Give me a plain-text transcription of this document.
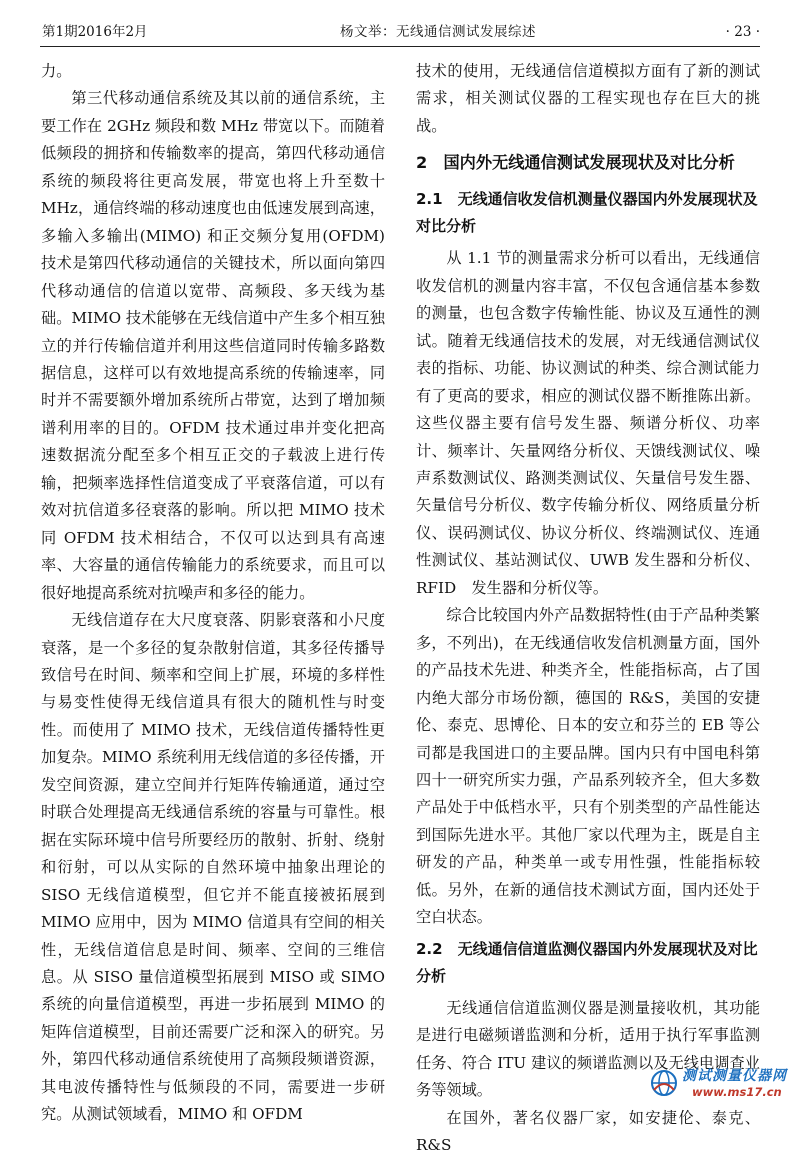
第1期2016年2月	杨文举：无线通信测试发展综述	· 23 ·

力。

第三代移动通信系统及其以前的通信系统，主要工作在 2GHz 频段和数 MHz 带宽以下。而随着低频段的拥挤和传输数率的提高，第四代移动通信系统的频段将往更高发展，带宽也将上升至数十 MHz，通信终端的移动速度也由低速发展到高速，多输入多输出(MIMO) 和正交频分复用(OFDM) 技术是第四代移动通信的关键技术，所以面向第四代移动通信的信道以宽带、高频段、多天线为基础。MIMO 技术能够在无线信道中产生多个相互独立的并行传输信道并利用这些信道同时传输多路数据信息，这样可以有效地提高系统的传输速率，同时并不需要额外增加系统所占带宽，达到了增加频谱利用率的目的。OFDM 技术通过串并变化把高速数据流分配至多个相互正交的子载波上进行传输，把频率选择性信道变成了平衰落信道，可以有效对抗信道多径衰落的影响。所以把 MIMO 技术同 OFDM 技术相结合，不仅可以达到具有高速率、大容量的通信传输能力的系统要求，而且可以很好地提高系统对抗噪声和多径的能力。

无线信道存在大尺度衰落、阴影衰落和小尺度衰落，是一个多径的复杂散射信道，其多径传播导致信号在时间、频率和空间上扩展，环境的多样性与易变性使得无线信道具有很大的随机性与时变性。而使用了 MIMO 技术，无线信道传播特性更加复杂。MIMO 系统利用无线信道的多径传播，开发空间资源，建立空间并行矩阵传输通道，通过空时联合处理提高无线通信系统的容量与可靠性。根据在实际环境中信号所要经历的散射、折射、绕射和衍射，可以从实际的自然环境中抽象出理论的 SISO 无线信道模型，但它并不能直接被拓展到 MIMO 应用中，因为 MIMO 信道具有空间的相关性，无线信道信息是时间、频率、空间的三维信息。从 SISO 量信道模型拓展到 MISO 或 SIMO 系统的向量信道模型，再进一步拓展到 MIMO 的矩阵信道模型，目前还需要广泛和深入的研究。另外，第四代移动通信系统使用了高频段频谱资源，其电波传播特性与低频段的不同，需要进一步研究。从测试领域看，MIMO 和 OFDM

技术的使用，无线通信信道模拟方面有了新的测试需求，相关测试仪器的工程实现也存在巨大的挑战。

2　国内外无线通信测试发展现状及对比分析
2.1　无线通信收发信机测量仪器国内外发展现状及对比分析

从 1.1 节的测量需求分析可以看出，无线通信收发信机的测量内容丰富，不仅包含通信基本参数的测量，也包含数字传输性能、协议及互通性的测试。随着无线通信技术的发展，对无线通信测试仪表的指标、功能、协议测试的种类、综合测试能力有了更高的要求，相应的测试仪器不断推陈出新。这些仪器主要有信号发生器、频谱分析仪、功率计、频率计、矢量网络分析仪、天馈线测试仪、噪声系数测试仪、路测类测试仪、矢量信号发生器、矢量信号分析仪、数字传输分析仪、网络质量分析仪、误码测试仪、协议分析仪、终端测试仪、连通性测试仪、基站测试仪、UWB 发生器和分析仪、RFID　发生器和分析仪等。

综合比较国内外产品数据特性(由于产品种类繁多，不列出)，在无线通信收发信机测量方面，国外的产品技术先进、种类齐全，性能指标高，占了国内绝大部分市场份额，德国的 R&S，美国的安捷伦、泰克、思博伦、日本的安立和芬兰的 EB 等公司都是我国进口的主要品牌。国内只有中国电科第四十一研究所实力强，产品系列较齐全，但大多数产品处于中低档水平，只有个别类型的产品性能达到国际先进水平。其他厂家以代理为主，既是自主研发的产品，种类单一或专用性强，性能指标较低。另外，在新的通信技术测试方面，国内还处于空白状态。

2.2　无线通信信道监测仪器国内外发展现状及对比分析

无线通信信道监测仪器是测量接收机，其功能是进行电磁频谱监测和分析，适用于执行军事监测任务、符合 ITU 建议的频谱监测以及无线电调查业务等领域。

在国外，著名仪器厂家，如安捷伦、泰克、R&S

测试测量仪器网
www.ms17.cn
